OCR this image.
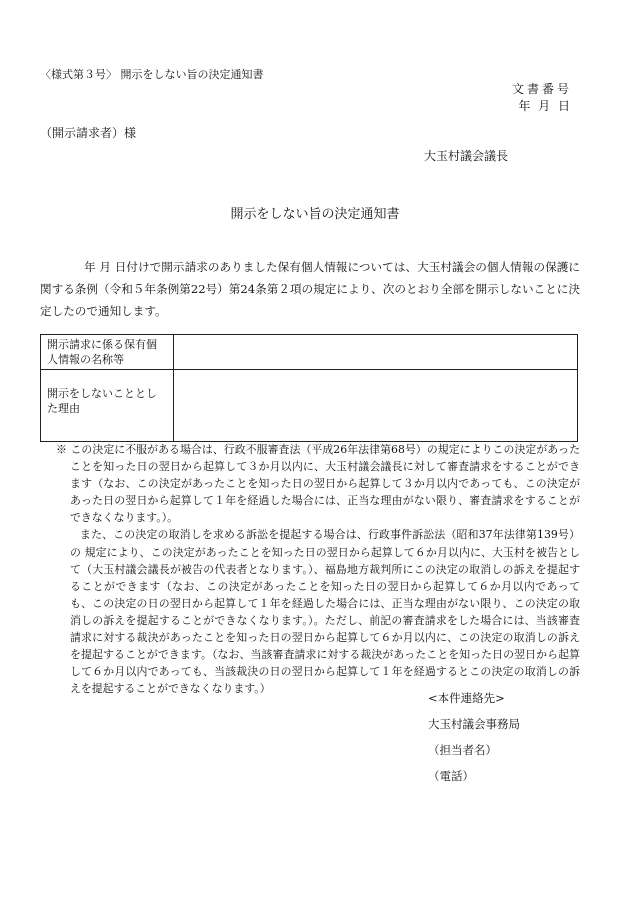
〈様式第３号〉 開示をしない旨の決定通知書
文書番号
年 月 日
（開示請求者）様
大玉村議会議長
開示をしない旨の決定通知書
年 月 日付けで開示請求のありました保有個人情報については、大玉村議会の個人情報の保護に関する条例（令和５年条例第22号）第24条第２項の規定により、次のとおり全部を開示しないことに決定したので通知します。
開示請求に係る保有個人情報の名称等	
開示をしないこととした理由	
※ この決定に不服がある場合は、行政不服審査法（平成26年法律第68号）の規定によりこの決定があったことを知った日の翌日から起算して３か月以内に、大玉村議会議長に対して審査請求をすることができます（なお、この決定があったことを知った日の翌日から起算して３か月以内であっても、この決定があった日の翌日から起算して１年を経過した場合には、正当な理由がない限り、審査請求をすることができなくなります。）。
また、この決定の取消しを求める訴訟を提起する場合は、行政事件訴訟法（昭和37年法律第139号）の 規定により、この決定があったことを知った日の翌日から起算して６か月以内に、大玉村を被告として（大玉村議会議長が被告の代表者となります。）、福島地方裁判所にこの決定の取消しの訴えを提起することができます（なお、この決定があったことを知った日の翌日から起算して６か月以内であっても、この決定の日の翌日から起算して１年を経過した場合には、正当な理由がない限り、この決定の取消しの訴えを提起することができなくなります。）。ただし、前記の審査請求をした場合には、当該審査請求に対する裁決があったことを知った日の翌日から起算して６か月以内に、この決定の取消しの訴えを提起することができます。（なお、当該審査請求に対する裁決があったことを知った日の翌日から起算して６か月以内であっても、当該裁決の日の翌日から起算して１年を経過するとこの決定の取消しの訴えを提起することができなくなります。）
<本件連絡先>
大玉村議会事務局
（担当者名）
（電話）
